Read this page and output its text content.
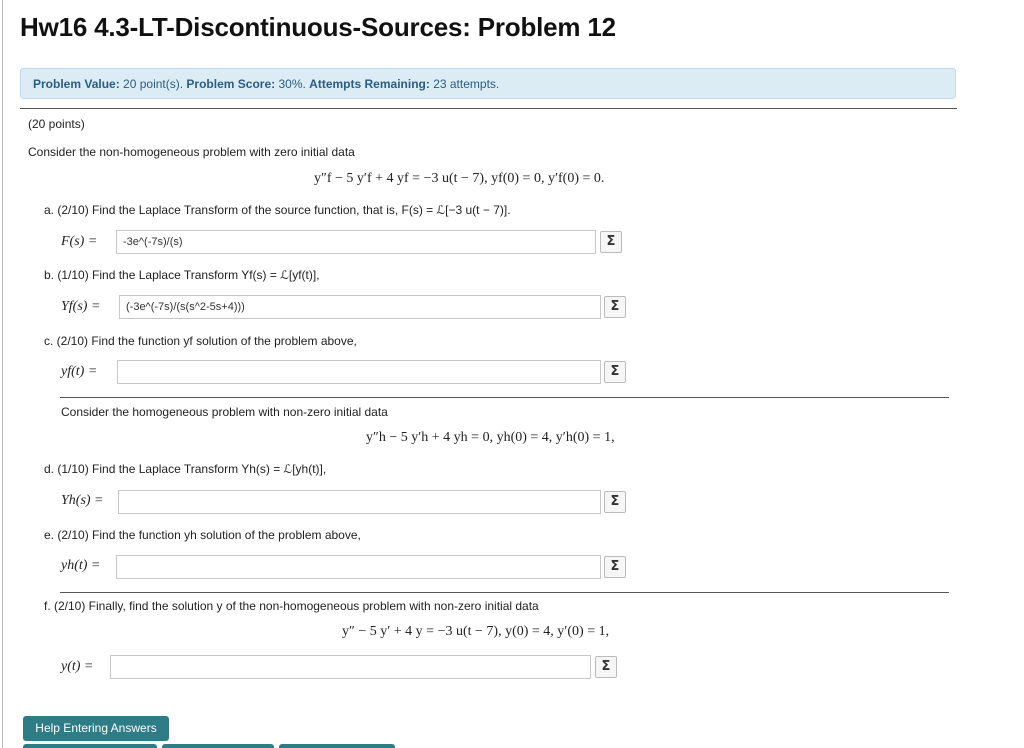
Hw16 4.3-LT-Discontinuous-Sources: Problem 12
Problem Value: 20 point(s). Problem Score: 30%. Attempts Remaining: 23 attempts.
(20 points)
Consider the non-homogeneous problem with zero initial data
y″f − 5 y′f + 4 yf = −3 u(t − 7), yf(0) = 0, y′f(0) = 0.
a. (2/10) Find the Laplace Transform of the source function, that is, F(s) = ℒ[−3 u(t − 7)].
F(s) =
-3e^(-7s)/(s)	Σ
b. (1/10) Find the Laplace Transform Yf(s) = ℒ[yf(t)],
Yf(s) =
(-3e^(-7s)/(s(s^2-5s+4)))	Σ
c. (2/10) Find the function yf solution of the problem above,
yf(t) =	Σ
Consider the homogeneous problem with non-zero initial data
y″h − 5 y′h + 4 yh = 0, yh(0) = 4, y′h(0) = 1,
d. (1/10) Find the Laplace Transform Yh(s) = ℒ[yh(t)],
Yh(s) =	Σ
e. (2/10) Find the function yh solution of the problem above,
yh(t) =	Σ
f. (2/10) Finally, find the solution y of the non-homogeneous problem with non-zero initial data
y″ − 5 y′ + 4 y = −3 u(t − 7), y(0) = 4, y′(0) = 1,
y(t) =	Σ
Help Entering Answers
